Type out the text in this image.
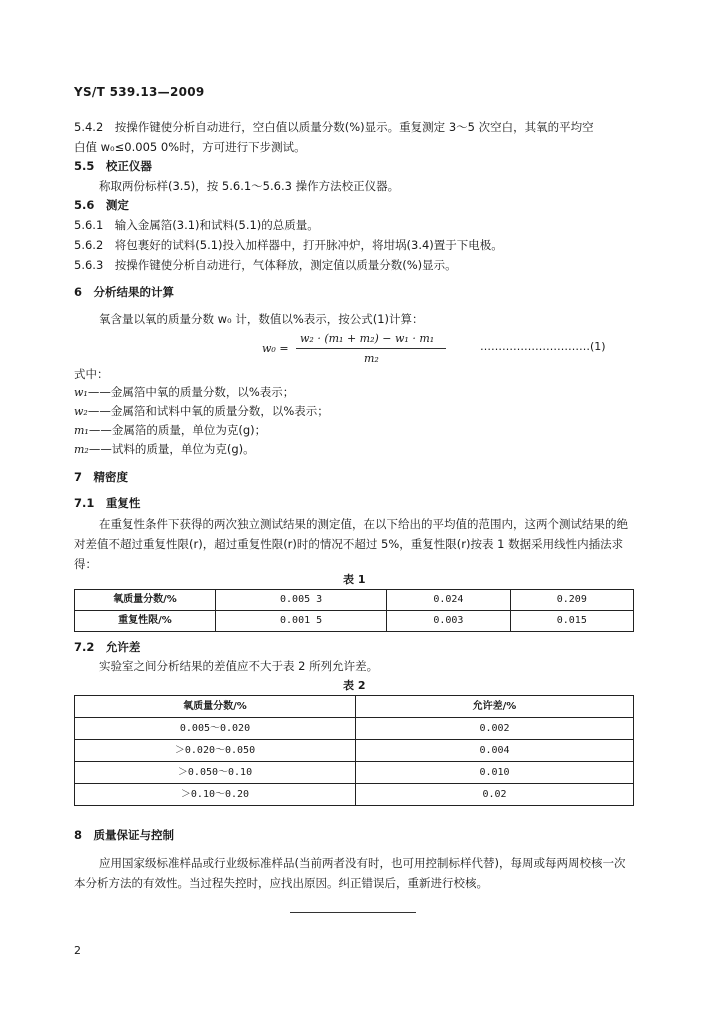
YS/T 539.13—2009
5.4.2　按操作键使分析自动进行，空白值以质量分数(%)显示。重复测定 3～5 次空白，其氧的平均空
白值 w₀≤0.005 0%时，方可进行下步测试。
5.5　校正仪器
称取两份标样(3.5)，按 5.6.1～5.6.3 操作方法校正仪器。
5.6　测定
5.6.1　输入金属箔(3.1)和试料(5.1)的总质量。
5.6.2　将包裹好的试料(5.1)投入加样器中，打开脉冲炉，将坩埚(3.4)置于下电极。
5.6.3　按操作键使分析自动进行，气体释放，测定值以质量分数(%)显示。
6　分析结果的计算
氧含量以氧的质量分数 w₀ 计，数值以%表示，按公式(1)计算：
w₀ =
w₂ · (m₁ + m₂) − w₁ · m₁
m₂
…………………………(1)
式中：
w₁——金属箔中氧的质量分数，以%表示；
w₂——金属箔和试料中氧的质量分数，以%表示；
m₁——金属箔的质量，单位为克(g)；
m₂——试料的质量，单位为克(g)。
7　精密度
7.1　重复性
在重复性条件下获得的两次独立测试结果的测定值，在以下给出的平均值的范围内，这两个测试结果的绝对差值不超过重复性限(r)，超过重复性限(r)时的情况不超过 5%，重复性限(r)按表 1 数据采用线性内插法求得：
表 1
氧质量分数/%	0.005 3	0.024	0.209
重复性限/%	0.001 5	0.003	0.015
7.2　允许差
实验室之间分析结果的差值应不大于表 2 所列允许差。
表 2
氧质量分数/%	允许差/%
0.005～0.020	0.002
＞0.020～0.050	0.004
＞0.050～0.10	0.010
＞0.10～0.20	0.02
8　质量保证与控制
应用国家级标准样品或行业级标准样品(当前两者没有时，也可用控制标样代替)，每周或每两周校核一次本分析方法的有效性。当过程失控时，应找出原因。纠正错误后，重新进行校核。
2
